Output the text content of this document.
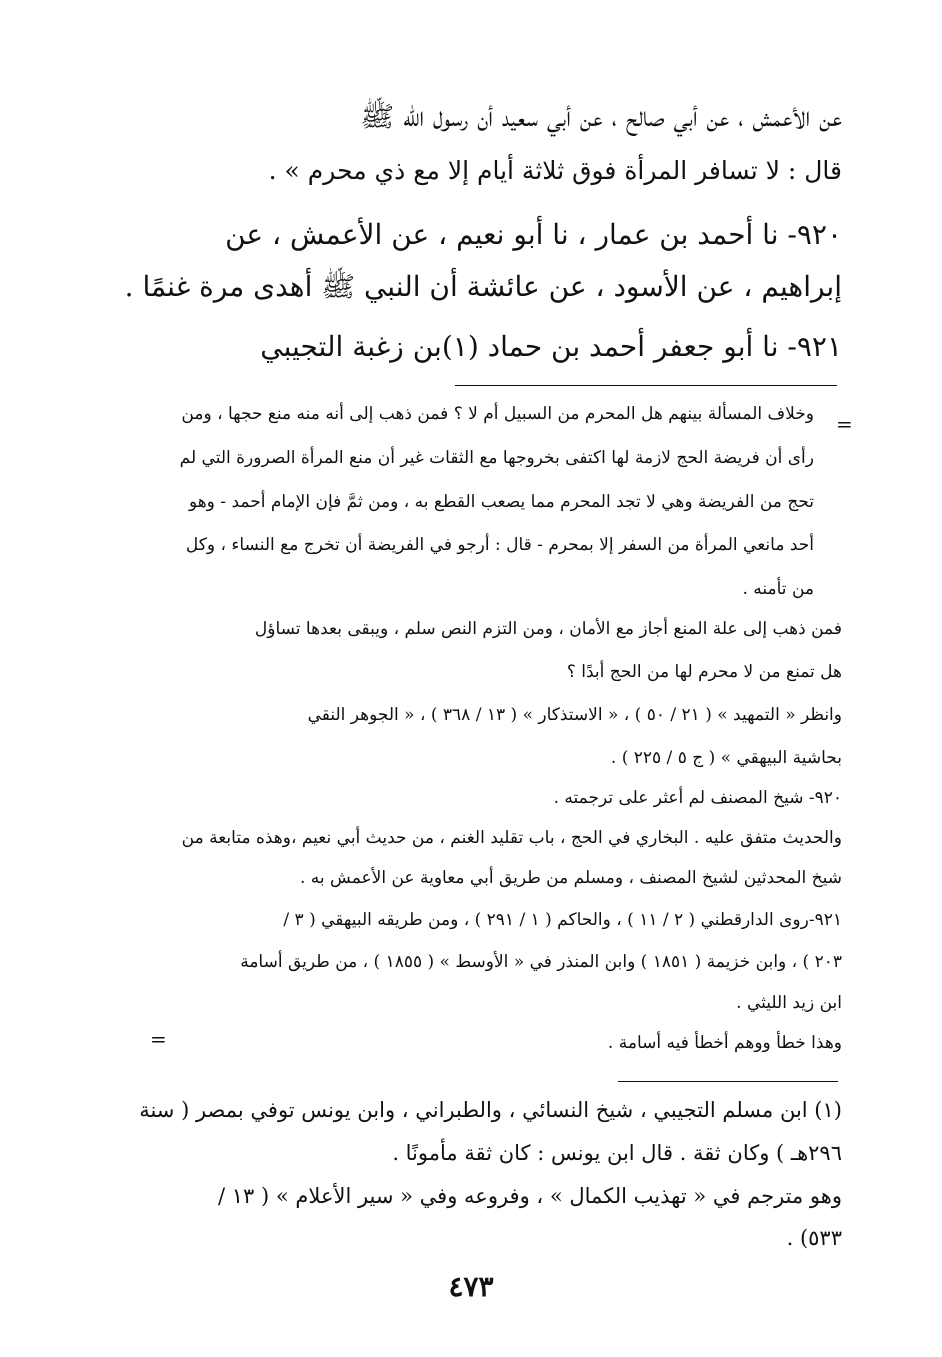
عن الأعمش ، عن أبي صالح ، عن أبي سعيد أن رسول اللّٰه ﷺ
قال : لا تسافر المرأة فوق ثلاثة أيام إلا مع ذي محرم » .
٩٢٠- نا أحمد بن عمار ، نا أبو نعيم ، عن الأعمش ، عن
إبراهيم ، عن الأسود ، عن عائشة أن النبي ﷺ أهدى مرة غنمًا .
٩٢١- نا أبو جعفر أحمد بن حماد (١)بن زغبة التجيبي
=
وخلاف المسألة بينهم هل المحرم من السبيل أم لا ؟ فمن ذهب إلى أنه منه منع حجها ، ومن
رأى أن فريضة الحج لازمة لها اكتفى بخروجها مع الثقات غير أن منع المرأة الصرورة التي لم
تحج من الفريضة وهي لا تجد المحرم مما يصعب القطع به ، ومن ثمَّ فإن الإمام أحمد - وهو
أحد مانعي المرأة من السفر إلا بمحرم - قال : أرجو في الفريضة أن تخرج مع النساء ، وكل
من تأمنه .
فمن ذهب إلى علة المنع أجاز مع الأمان ، ومن التزم النص سلم ، ويبقى بعدها تساؤل
هل تمنع من لا محرم لها من الحج أبدًا ؟
وانظر « التمهيد » ( ٢١ / ٥٠ ) ، « الاستذكار » ( ١٣ / ٣٦٨ ) ، « الجوهر النقي
بحاشية البيهقي » ( ج ٥ / ٢٢٥ ) .
٩٢٠- شيخ المصنف لم أعثر على ترجمته .
والحديث متفق عليه . البخاري في الحج ، باب تقليد الغنم ، من حديث أبي نعيم ،وهذه متابعة من
شيخ المحدثين لشيخ المصنف ، ومسلم من طريق أبي معاوية عن الأعمش به .
٩٢١-روى الدارقطني ( ٢ / ١١ ) ، والحاكم ( ١ / ٢٩١ ) ، ومن طريقه البيهقي ( ٣ /
٢٠٣ ) ، وابن خزيمة ( ١٨٥١ ) وابن المنذر في « الأوسط » ( ١٨٥٥ ) ، من طريق أسامة
ابن زيد الليثي .
وهذا خطأ ووهم أخطأ فيه أسامة .
=
(١) ابن مسلم التجيبي ، شيخ النسائي ، والطبراني ، وابن يونس توفي بمصر ( سنة
٢٩٦هـ ) وكان ثقة . قال ابن يونس : كان ثقة مأمونًا .
وهو مترجم في « تهذيب الكمال » ، وفروعه وفي « سير الأعلام » ( ١٣ /
. (٥٣٣
٤٧٣
